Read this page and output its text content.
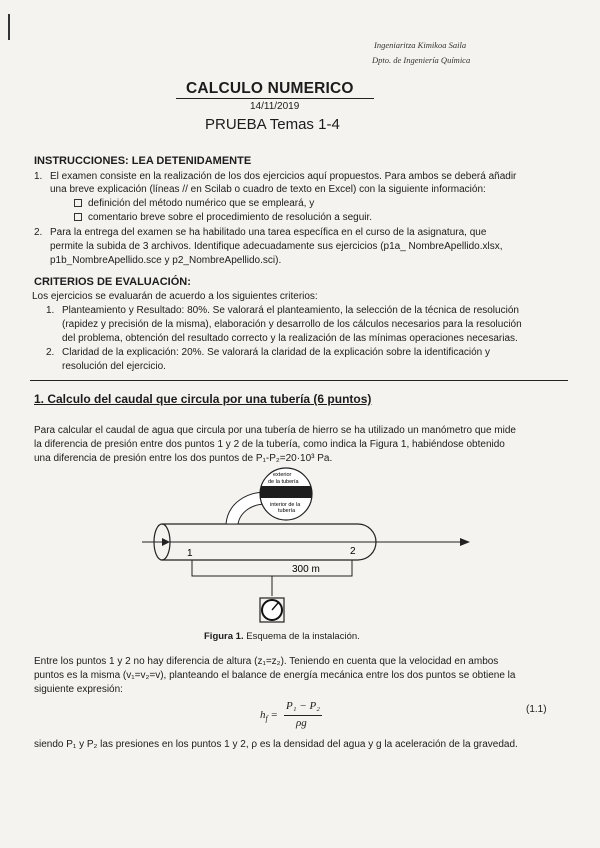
Ingeniaritza Kimikoa Saila
Dpto. de Ingeniería Química
CALCULO NUMERICO
14/11/2019
PRUEBA Temas 1-4
INSTRUCCIONES: LEA DETENIDAMENTE
1. El examen consiste en la realización de los dos ejercicios aquí propuestos. Para ambos se deberá añadir
una breve explicación (líneas // en Scilab o cuadro de texto en Excel) con la siguiente información:
definición del método numérico que se empleará, y
comentario breve sobre el procedimiento de resolución a seguir.
2. Para la entrega del examen se ha habilitado una tarea específica en el curso de la asignatura, que
permite la subida de 3 archivos. Identifique adecuadamente sus ejercicios (p1a_ NombreApellido.xlsx,
p1b_NombreApellido.sce y p2_NombreApellido.sci).
CRITERIOS DE EVALUACIÓN:
Los ejercicios se evaluarán de acuerdo a los siguientes criterios:
1. Planteamiento y Resultado: 80%. Se valorará el planteamiento, la selección de la técnica de resolución
(rapidez y precisión de la misma), elaboración y desarrollo de los cálculos necesarios para la resolución
del problema, obtención del resultado correcto y la realización de las mínimas operaciones necesarias.
2. Claridad de la explicación: 20%. Se valorará la claridad de la explicación sobre la identificación y
resolución del ejercicio.
1. Calculo del caudal que circula por una tubería (6 puntos)
Para calcular el caudal de agua que circula por una tubería de hierro se ha utilizado un manómetro que mide
la diferencia de presión entre dos puntos 1 y 2 de la tubería, como indica la Figura 1, habiéndose obtenido
una diferencia de presión entre los dos puntos de P₁-P₂=20·10³ Pa.
1	2
300 m
exterior
de la tubería
interior de la
tubería
Figura 1. Esquema de la instalación.
Entre los puntos 1 y 2 no hay diferencia de altura (z₁=z₂). Teniendo en cuenta que la velocidad en ambos
puntos es la misma (v₁=v₂=v), planteando el balance de energía mecánica entre los dos puntos se obtiene la
siguiente expresión:
$h_f$ =
P₁ − P₂
ρg
(1.1)
siendo P₁ y P₂ las presiones en los puntos 1 y 2, ρ es la densidad del agua y g la aceleración de la gravedad.
